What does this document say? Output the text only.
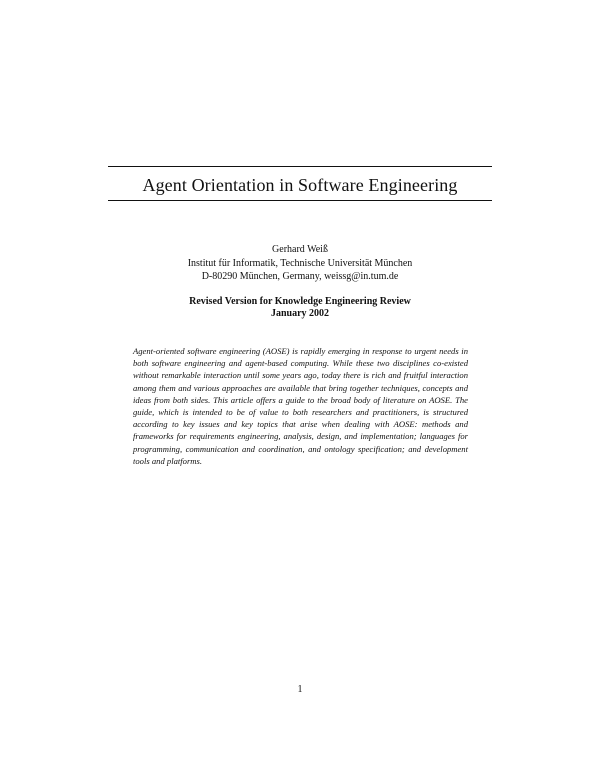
Agent Orientation in Software Engineering
Gerhard Weiß
Institut für Informatik, Technische Universität München
D-80290 München, Germany, weissg@in.tum.de
Revised Version for Knowledge Engineering Review
January 2002

Agent-oriented software engineering (AOSE) is rapidly emerging in response to urgent needs in both software engineering and agent-based computing. While these two disciplines co-existed without remarkable interaction until some years ago, today there is rich and fruitful interaction among them and various approaches are available that bring together techniques, concepts and ideas from both sides. This article offers a guide to the broad body of literature on AOSE. The guide, which is intended to be of value to both researchers and practitioners, is structured according to key issues and key topics that arise when dealing with AOSE: methods and frameworks for requirements engineering, analysis, design, and implementation; languages for programming, communication and coordination, and ontology specification; and development tools and platforms.

1
